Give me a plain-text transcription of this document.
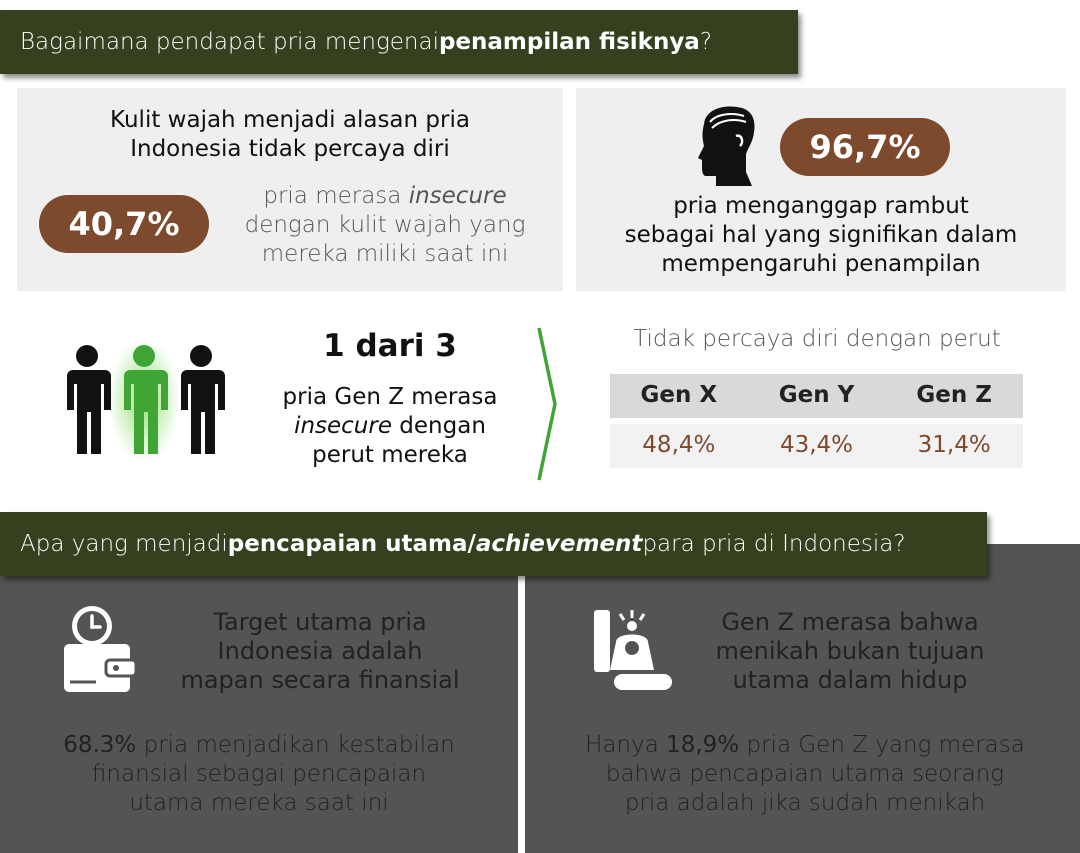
Bagaimana pendapat pria mengenai penampilan fisiknya ?
Kulit wajah menjadi alasan pria
Indonesia tidak percaya diri
40,7%
pria merasa insecure
dengan kulit wajah yang
mereka miliki saat ini
96,7%
pria menganggap rambut
sebagai hal yang signifikan dalam
mempengaruhi penampilan
1 dari 3
pria Gen Z merasa
insecure dengan
perut mereka
Tidak percaya diri dengan perut
Gen X	Gen Y	Gen Z
48,4%	43,4%	31,4%
Apa yang menjadi pencapaian utama/ achievement para pria di Indonesia?
Target utama pria
Indonesia adalah
mapan secara finansial
68.3% pria menjadikan kestabilan
finansial sebagai pencapaian
utama mereka saat ini
Gen Z merasa bahwa
menikah bukan tujuan
utama dalam hidup
Hanya 18,9% pria Gen Z yang merasa
bahwa pencapaian utama seorang
pria adalah jika sudah menikah
